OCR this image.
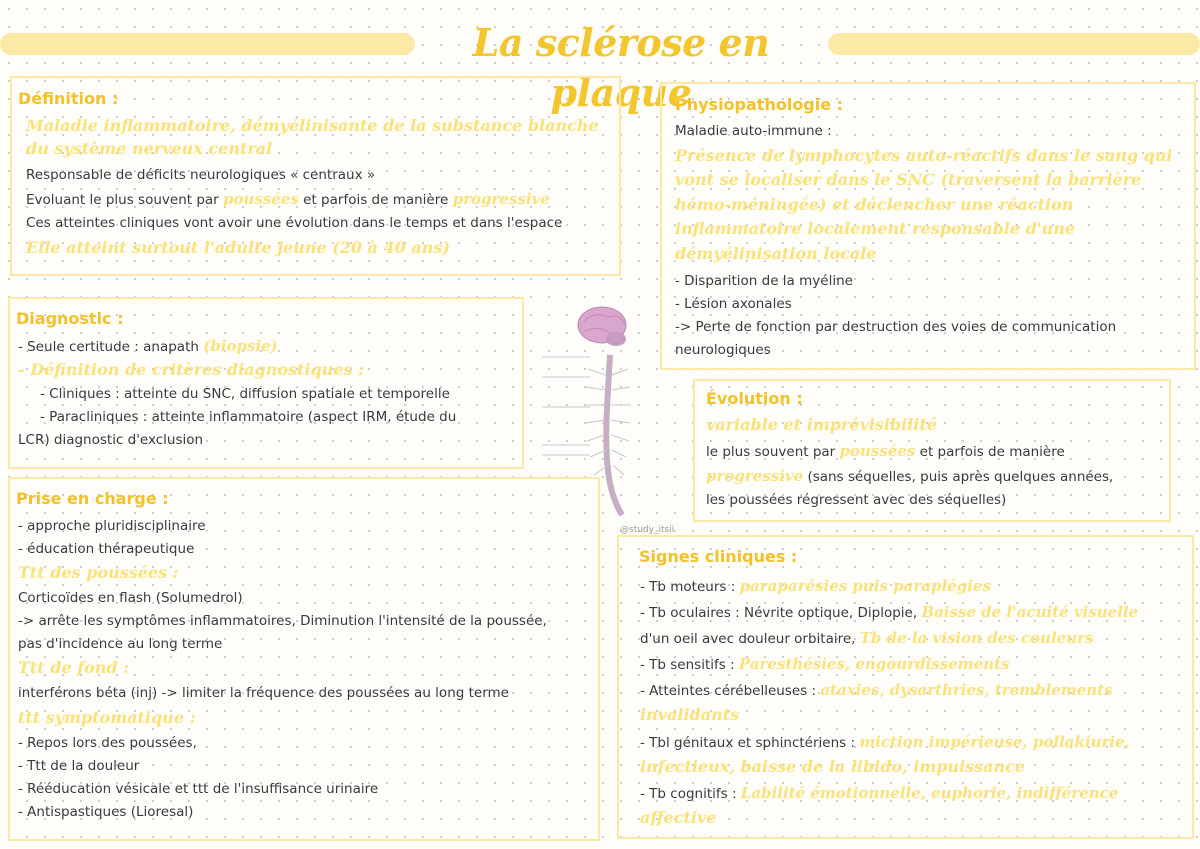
La sclérose en plaque
Définition :
Maladie inflammatoire, démyélinisante de la substance blanche
du système nerveux central
Responsable de déficits neurologiques « centraux »
Evoluant le plus souvent par poussées et parfois de manière progressive
Ces atteintes cliniques vont avoir une évolution dans le temps et dans l'espace
Elle atteint surtout l'adulte jeune (20 à 40 ans)
Diagnostic :
- Seule certitude : anapath (biopsie)
- Définition de critères diagnostiques :
- Cliniques : atteinte du SNC, diffusion spatiale et temporelle
- Paracliniques : atteinte inflammatoire (aspect IRM, étude du
LCR) diagnostic d'exclusion
Prise en charge :
- approche pluridisciplinaire
- éducation thérapeutique
Ttt des poussées :
Corticoïdes en flash (Solumedrol)
-> arrête les symptômes inflammatoires, Diminution l'intensité de la poussée,
pas d'incidence au long terme
Ttt de fond :
interférons béta (inj) -> limiter la fréquence des poussées au long terme
ttt symptomatique :
- Repos lors des poussées,
- Ttt de la douleur
- Rééducation vésicale et ttt de l'insuffisance urinaire
- Antispastiques (Lioresal)
@study_itsii
Physiopathologie :
Maladie auto-immune :
Présence de lymphocytes auto-réactifs dans le sang qui
vont se localiser dans le SNC (traversent la barrière
hémo-méningée) et déclencher une réaction
inflammatoire localement responsable d'une
démyélinisation locale
- Disparition de la myéline
- Lésion axonales
-> Perte de fonction par destruction des voies de communication
neurologiques
Évolution :
variable et imprévisibilité
le plus souvent par poussées et parfois de manière
progressive (sans séquelles, puis après quelques années,
les poussées régressent avec des séquelles)
Signes cliniques :
- Tb moteurs : paraparésies puis paraplégies
- Tb oculaires : Névrite optique, Diplopie, Baisse de l'acuité visuelle
d'un oeil avec douleur orbitaire, Tb de la vision des couleurs
- Tb sensitifs : Paresthésies, engourdissements
- Atteintes cérébelleuses : ataxies, dysarthries, tremblements
invalidants
- Tbl génitaux et sphinctériens : miction impérieuse, pollakiurie,
infectieux, baisse de la libido, impuissance
- Tb cognitifs : Labilité émotionnelle, euphorie, indifférence
affective
